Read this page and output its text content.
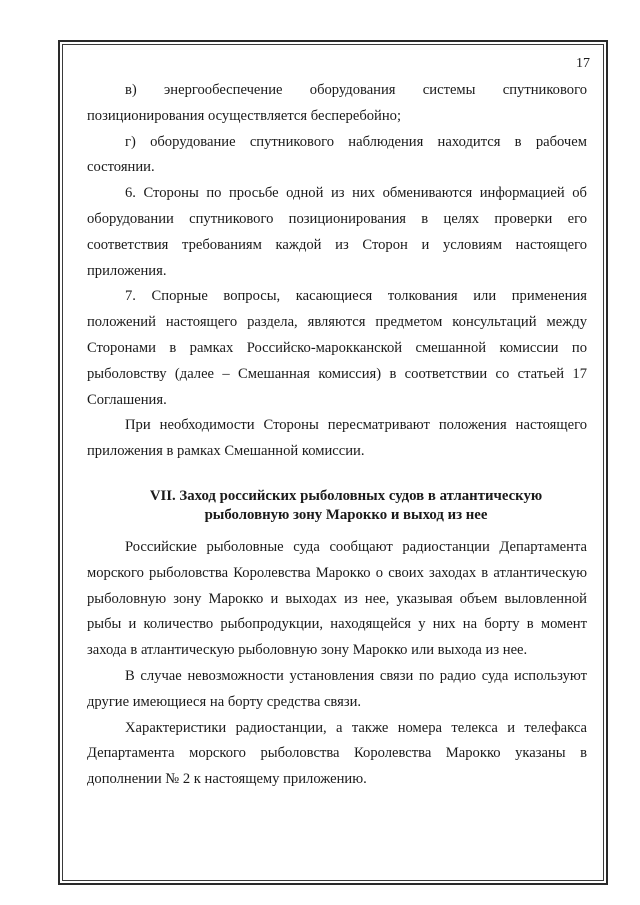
17

в) энергообеспечение оборудования системы спутникового позиционирования осуществляется бесперебойно;

г) оборудование спутникового наблюдения находится в рабочем состоянии.

6. Стороны по просьбе одной из них обмениваются информацией об оборудовании спутникового позиционирования в целях проверки его соответствия требованиям каждой из Сторон и условиям настоящего приложения.

7. Спорные вопросы, касающиеся толкования или применения положений настоящего раздела, являются предметом консультаций между Сторонами в рамках Российско-марокканской смешанной комиссии по рыболовству (далее – Смешанная комиссия) в соответствии со статьей 17 Соглашения.

При необходимости Стороны пересматривают положения настоящего приложения в рамках Смешанной комиссии.

VII. Заход российских рыболовных судов в атлантическую
рыболовную зону Марокко и выход из нее

Российские рыболовные суда сообщают радиостанции Департамента морского рыболовства Королевства Марокко о своих заходах в атлантическую рыболовную зону Марокко и выходах из нее, указывая объем выловленной рыбы и количество рыбопродукции, находящейся у них на борту в момент захода в атлантическую рыболовную зону Марокко или выхода из нее.

В случае невозможности установления связи по радио суда используют другие имеющиеся на борту средства связи.

Характеристики радиостанции, а также номера телекса и телефакса Департамента морского рыболовства Королевства Марокко указаны в дополнении № 2 к настоящему приложению.
